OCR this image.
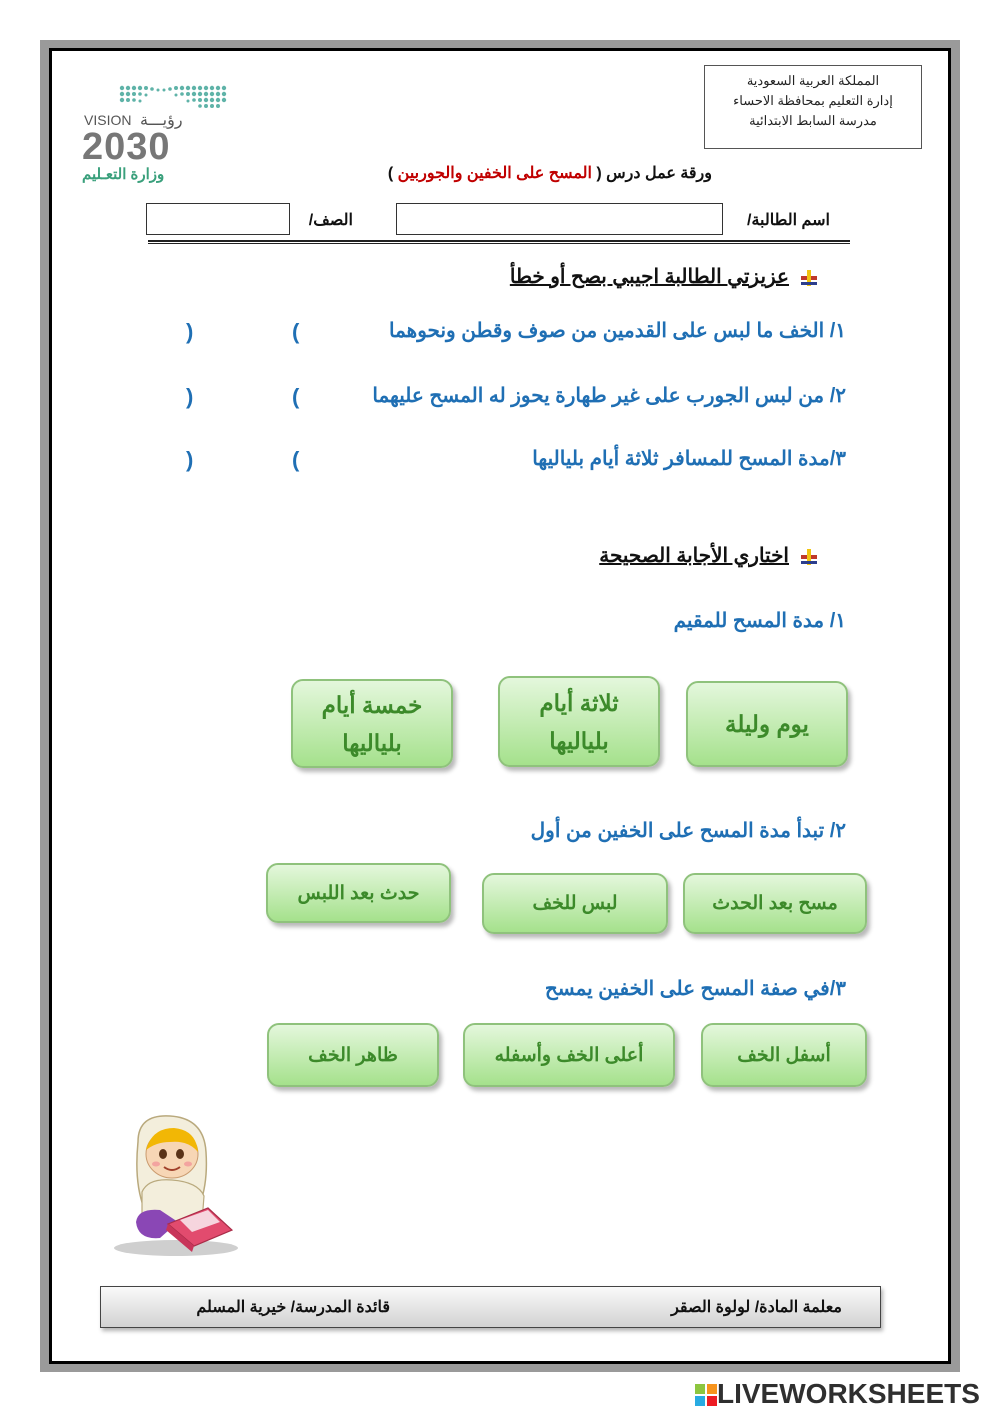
المملكة العربية السعودية
إدارة التعليم بمحافظة الاحساء
مدرسة السابط الابتدائية
VISION رؤيـــة
2030
وزارة التعـليم	ورقة عمل درس ( المسح على الخفين والجوربين )
اسم الطالبة/
الصف/
عزيزتي الطالبة اجيبي بصح أو خطأ
١/ الخف ما لبس على القدمين من صوف وقطن ونحوهما
(
)
٢/ من لبس الجورب على غير طهارة يحوز له المسح عليهما
(
)
٣/مدة المسح للمسافر ثلاثة أيام بلياليها
(
)
اختاري الأجابة الصحيحة
١/ مدة المسح للمقيم
يوم وليلة
ثلاثة أيام بلياليها
خمسة أيام بلياليها
٢/ تبدأ مدة المسح على الخفين من أول
مسح بعد الحدث
لبس للخف
حدث بعد اللبس
٣/في صفة المسح على الخفين يمسح
أسفل الخف
أعلى الخف وأسفله
ظاهر الخف
معلمة المادة/ لولوة الصقر
قائدة المدرسة/ خيرية المسلم
LIVEWORKSHEETS
